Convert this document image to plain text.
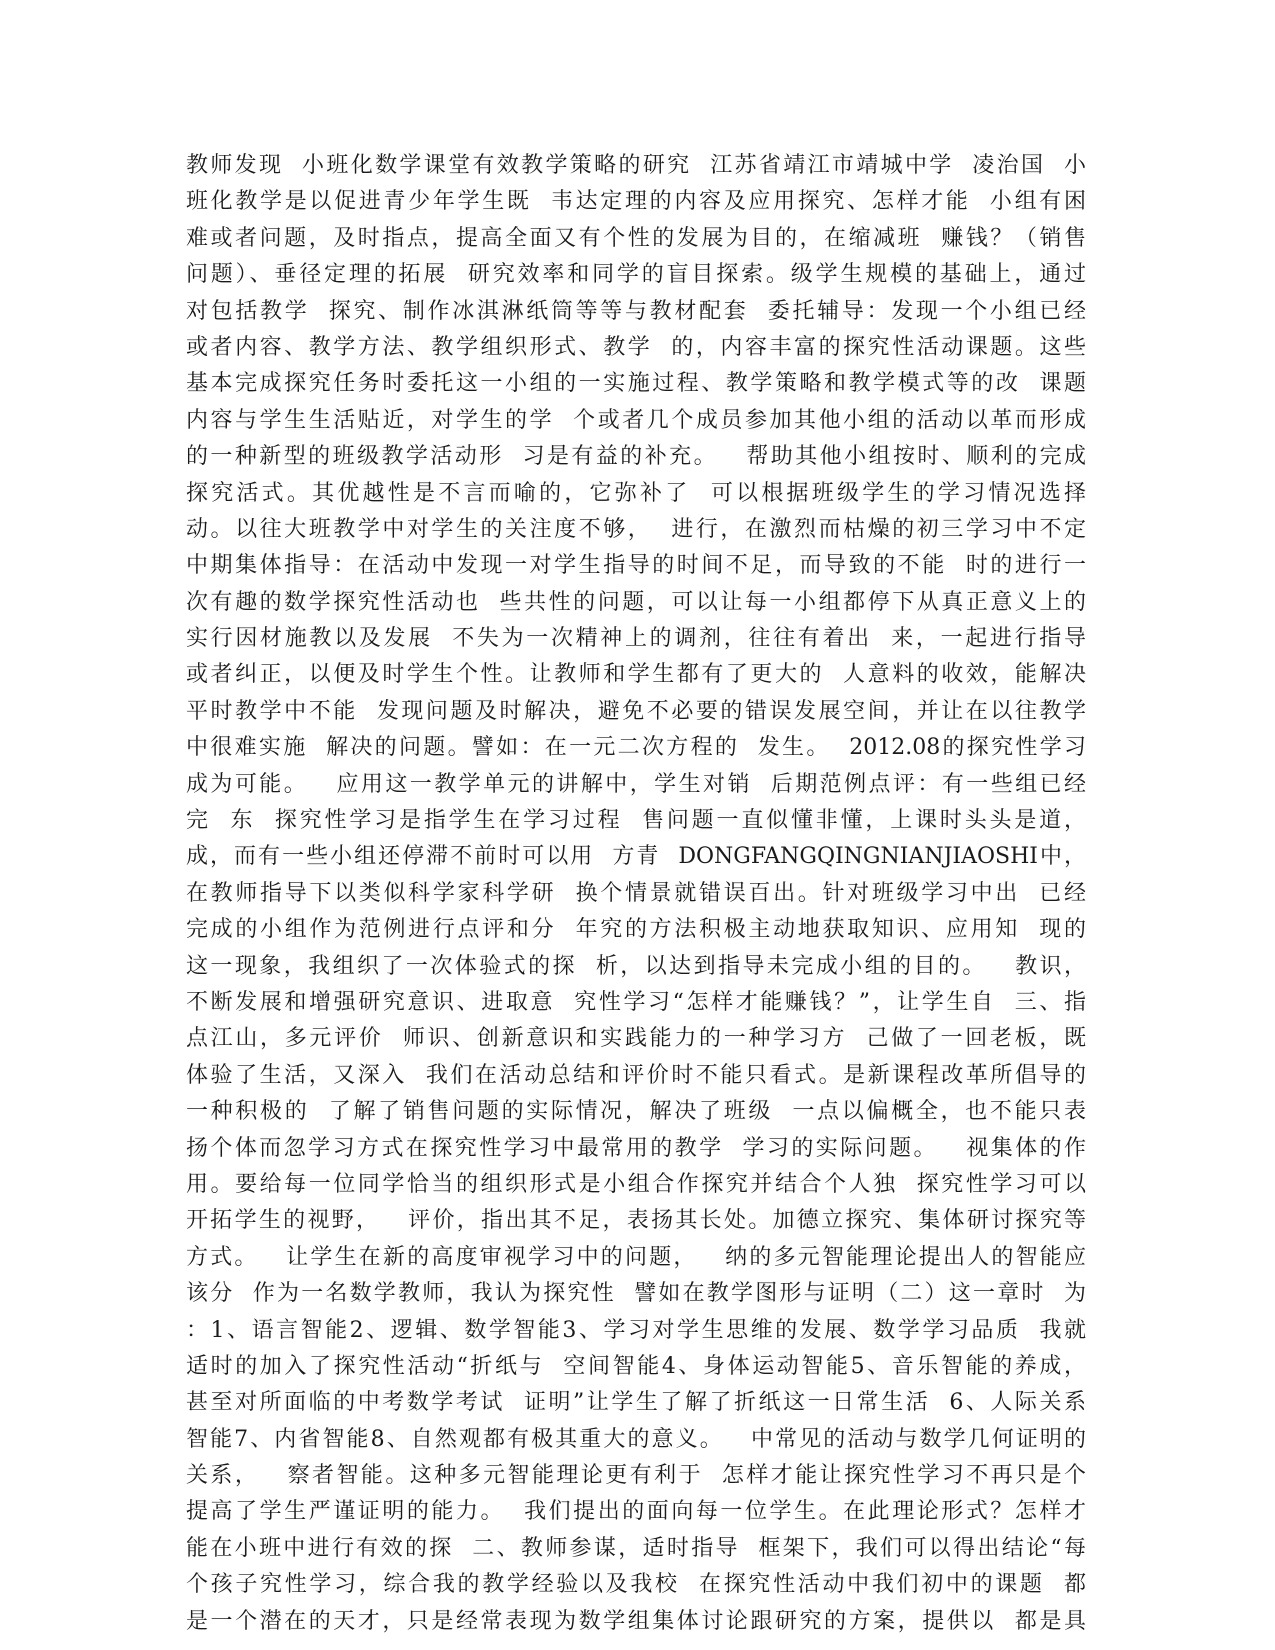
教师发现  小班化数学课堂有效教学策略的研究  江苏省靖江市靖城中学  凌治国  小
班化教学是以促进青少年学生既  韦达定理的内容及应用探究、怎样才能  小组有困
难或者问题，及时指点，提高全面又有个性的发展为目的，在缩减班  赚钱？（销售
问题）、垂径定理的拓展  研究效率和同学的盲目探索。级学生规模的基础上，通过
对包括教学  探究、制作冰淇淋纸筒等等与教材配套  委托辅导：发现一个小组已经
或者内容、教学方法、教学组织形式、教学  的，内容丰富的探究性活动课题。这些
基本完成探究任务时委托这一小组的一实施过程、教学策略和教学模式等的改  课题
内容与学生生活贴近，对学生的学  个或者几个成员参加其他小组的活动以革而形成
的一种新型的班级教学活动形  习是有益的补充。   帮助其他小组按时、顺利的完成
探究活式。其优越性是不言而喻的，它弥补了  可以根据班级学生的学习情况选择
动。以往大班教学中对学生的关注度不够，  进行，在激烈而枯燥的初三学习中不定
中期集体指导：在活动中发现一对学生指导的时间不足，而导致的不能  时的进行一
次有趣的数学探究性活动也  些共性的问题，可以让每一小组都停下从真正意义上的
实行因材施教以及发展  不失为一次精神上的调剂，往往有着出  来，一起进行指导
或者纠正，以便及时学生个性。让教师和学生都有了更大的  人意料的收效，能解决
平时教学中不能  发现问题及时解决，避免不必要的错误发展空间，并让在以往教学
中很难实施  解决的问题。譬如：在一元二次方程的  发生。  2012.08的探究性学习
成为可能。   应用这一教学单元的讲解中，学生对销  后期范例点评：有一些组已经
完  东  探究性学习是指学生在学习过程  售问题一直似懂非懂，上课时头头是道，
成，而有一些小组还停滞不前时可以用  方青  DONGFANGQINGNIANJIAOSHI中，
在教师指导下以类似科学家科学研  换个情景就错误百出。针对班级学习中出  已经
完成的小组作为范例进行点评和分  年究的方法积极主动地获取知识、应用知  现的
这一现象，我组织了一次体验式的探  析，以达到指导未完成小组的目的。   教识，
不断发展和增强研究意识、进取意  究性学习“怎样才能赚钱？”，让学生自  三、指
点江山，多元评价  师识、创新意识和实践能力的一种学习方  己做了一回老板，既
体验了生活，又深入  我们在活动总结和评价时不能只看式。是新课程改革所倡导的
一种积极的  了解了销售问题的实际情况，解决了班级  一点以偏概全，也不能只表
扬个体而忽学习方式在探究性学习中最常用的教学  学习的实际问题。   视集体的作
用。要给每一位同学恰当的组织形式是小组合作探究并结合个人独  探究性学习可以
开拓学生的视野，   评价，指出其不足，表扬其长处。加德立探究、集体研讨探究等
方式。   让学生在新的高度审视学习中的问题，   纳的多元智能理论提出人的智能应
该分  作为一名数学教师，我认为探究性  譬如在教学图形与证明（二）这一章时  为
：1、语言智能2、逻辑、数学智能3、学习对学生思维的发展、数学学习品质  我就
适时的加入了探究性活动“折纸与  空间智能4、身体运动智能5、音乐智能的养成，
甚至对所面临的中考数学考试  证明”让学生了解了折纸这一日常生活  6、人际关系
智能7、内省智能8、自然观都有极其重大的意义。   中常见的活动与数学几何证明的
关系，   察者智能。这种多元智能理论更有利于  怎样才能让探究性学习不再只是个
提高了学生严谨证明的能力。  我们提出的面向每一位学生。在此理论形式？怎样才
能在小班中进行有效的探  二、教师参谋，适时指导  框架下，我们可以得出结论“每
个孩子究性学习，综合我的教学经验以及我校  在探究性活动中我们初中的课题  都
是一个潜在的天才，只是经常表现为数学组集体讨论跟研究的方案，提供以  都是具
